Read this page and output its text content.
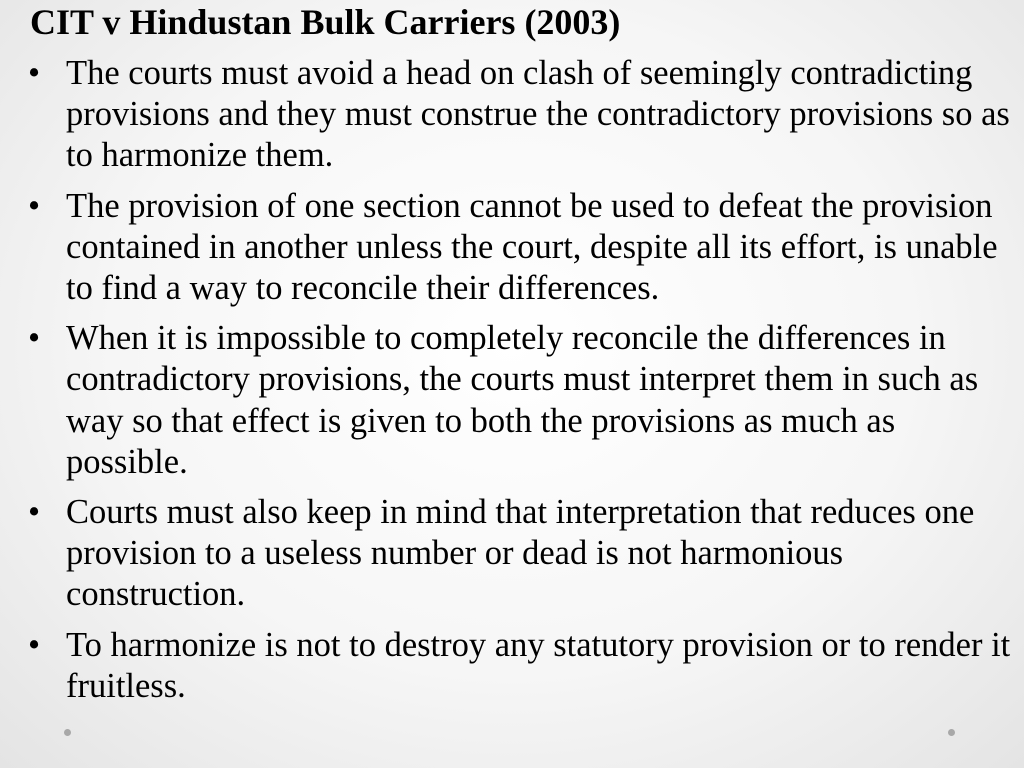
CIT v Hindustan Bulk Carriers (2003)
• The courts must avoid a head on clash of seemingly contradicting provisions and they must construe the contradictory provisions so as to harmonize them.
• The provision of one section cannot be used to defeat the provision contained in another unless the court, despite all its effort, is unable to find a way to reconcile their differences.
• When it is impossible to completely reconcile the differences in contradictory provisions, the courts must interpret them in such as way so that effect is given to both the provisions as much as possible.
• Courts must also keep in mind that interpretation that reduces one provision to a useless number or dead is not harmonious construction.
• To harmonize is not to destroy any statutory provision or to render it fruitless.
